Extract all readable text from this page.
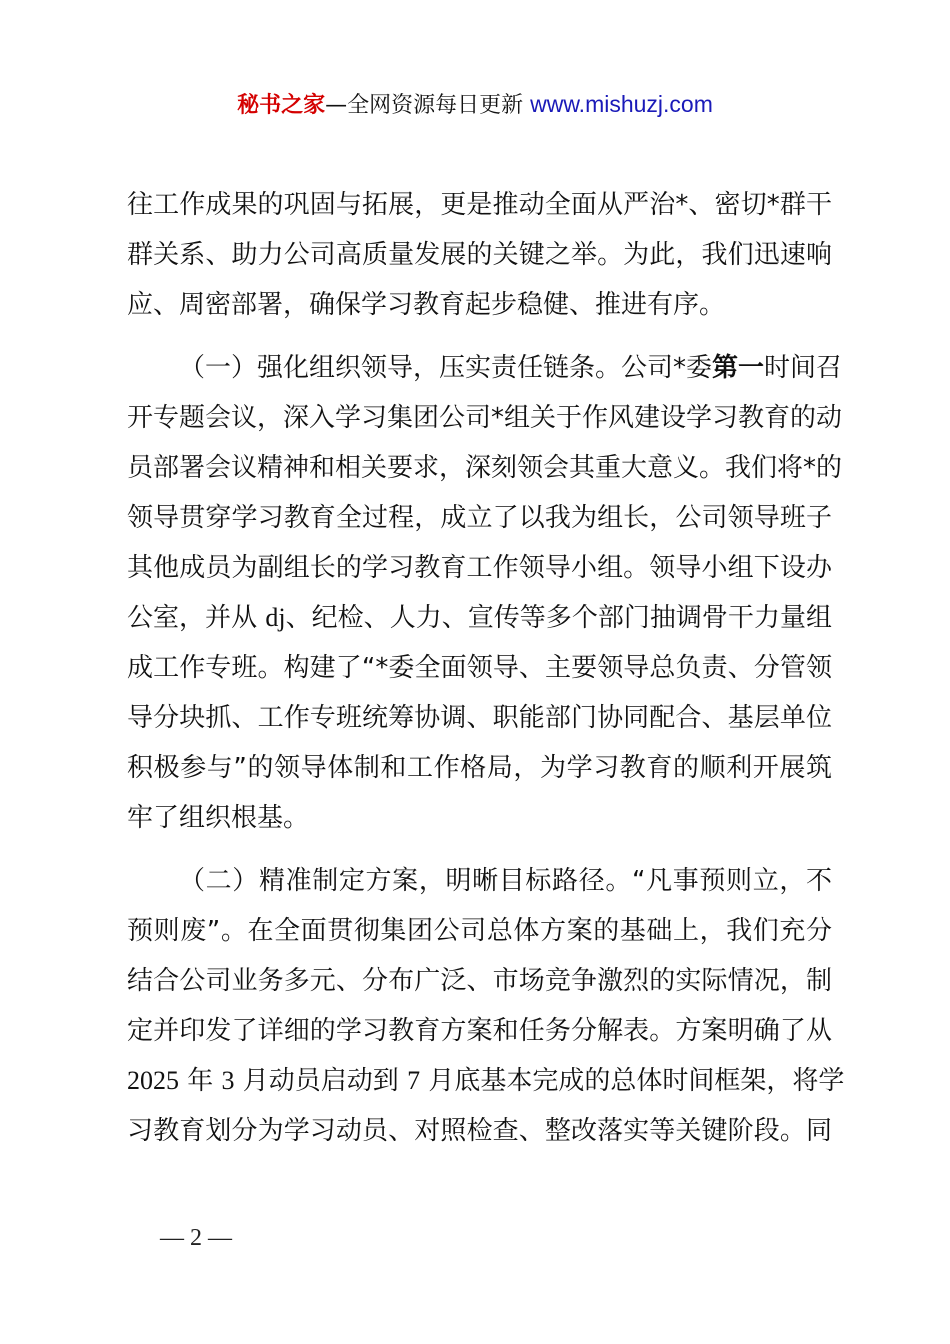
秘书之家—全网资源每日更新 www.mishuzj.com
往工作成果的巩固与拓展，更是推动全面从严治*、密切*群干
群关系、助力公司高质量发展的关键之举。为此，我们迅速响
应、周密部署，确保学习教育起步稳健、推进有序。
（一）强化组织领导，压实责任链条。公司*委第一时间召
开专题会议，深入学习集团公司*组关于作风建设学习教育的动
员部署会议精神和相关要求，深刻领会其重大意义。我们将*的
领导贯穿学习教育全过程，成立了以我为组长，公司领导班子
其他成员为副组长的学习教育工作领导小组。领导小组下设办
公室，并从 dj、纪检、人力、宣传等多个部门抽调骨干力量组
成工作专班。构建了“*委全面领导、主要领导总负责、分管领
导分块抓、工作专班统筹协调、职能部门协同配合、基层单位
积极参与”的领导体制和工作格局，为学习教育的顺利开展筑
牢了组织根基。
（二）精准制定方案，明晰目标路径。“凡事预则立，不
预则废”。在全面贯彻集团公司总体方案的基础上，我们充分
结合公司业务多元、分布广泛、市场竞争激烈的实际情况，制
定并印发了详细的学习教育方案和任务分解表。方案明确了从
2025 年 3 月动员启动到 7 月底基本完成的总体时间框架，将学
习教育划分为学习动员、对照检查、整改落实等关键阶段。同
— 2 —
